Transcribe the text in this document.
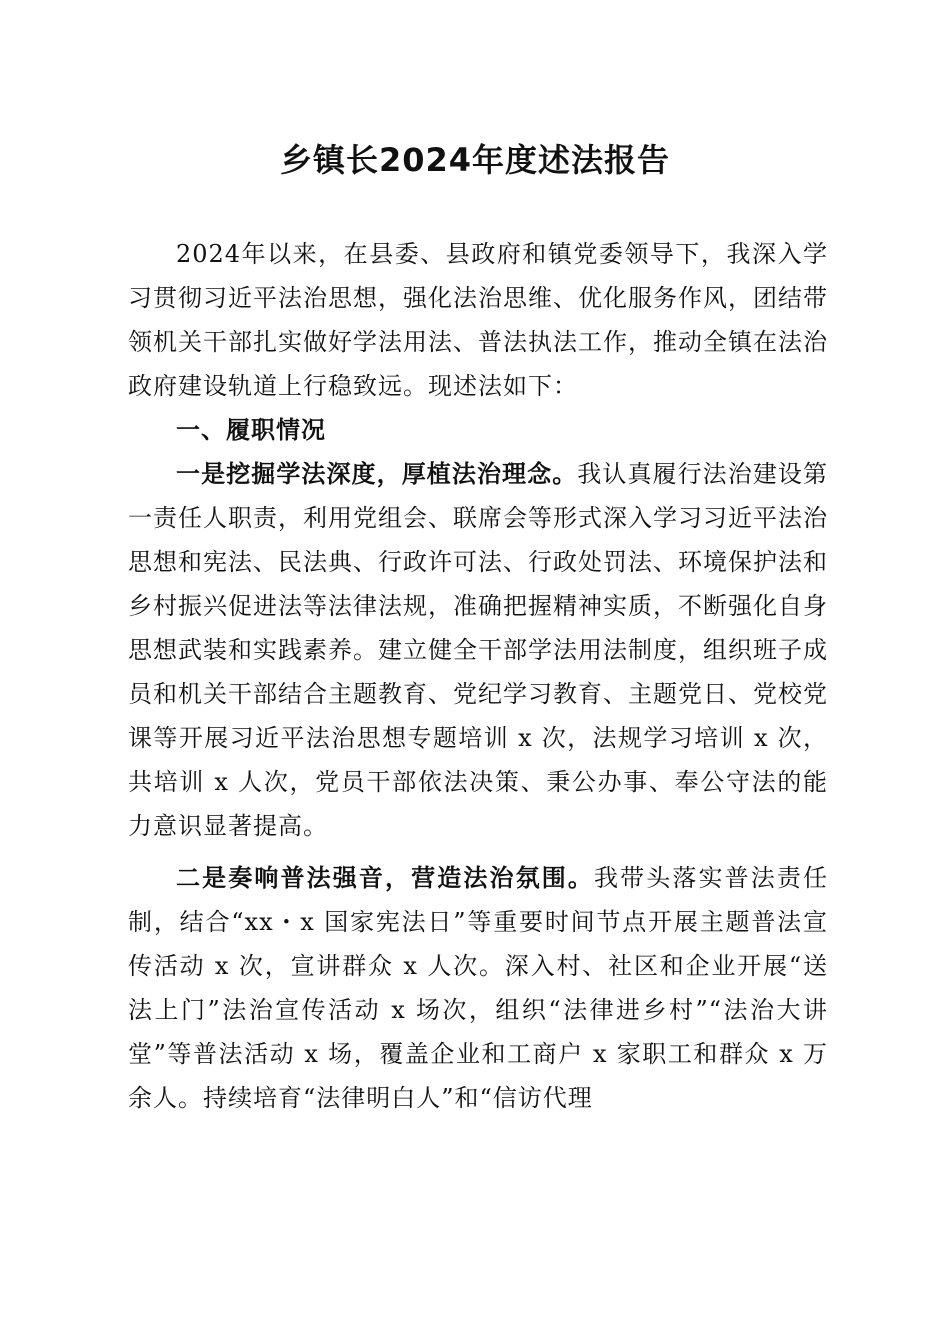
乡镇长2024年度述法报告

2024年以来，在县委、县政府和镇党委领导下，我深入学习贯彻习近平法治思想，强化法治思维、优化服务作风，团结带领机关干部扎实做好学法用法、普法执法工作，推动全镇在法治政府建设轨道上行稳致远。现述法如下：

一、履职情况

一是挖掘学法深度，厚植法治理念。我认真履行法治建设第一责任人职责，利用党组会、联席会等形式深入学习习近平法治思想和宪法、民法典、行政许可法、行政处罚法、环境保护法和乡村振兴促进法等法律法规，准确把握精神实质，不断强化自身思想武装和实践素养。建立健全干部学法用法制度，组织班子成员和机关干部结合主题教育、党纪学习教育、主题党日、党校党课等开展习近平法治思想专题培训 x 次，法规学习培训 x 次，共培训 x 人次，党员干部依法决策、秉公办事、奉公守法的能力意识显著提高。

二是奏响普法强音，营造法治氛围。我带头落实普法责任制，结合“xx・x 国家宪法日”等重要时间节点开展主题普法宣传活动 x 次，宣讲群众 x 人次。深入村、社区和企业开展“送法上门”法治宣传活动 x 场次，组织“法律进乡村”“法治大讲堂”等普法活动 x 场，覆盖企业和工商户 x 家职工和群众 x 万余人。持续培育“法律明白人”和“信访代理
